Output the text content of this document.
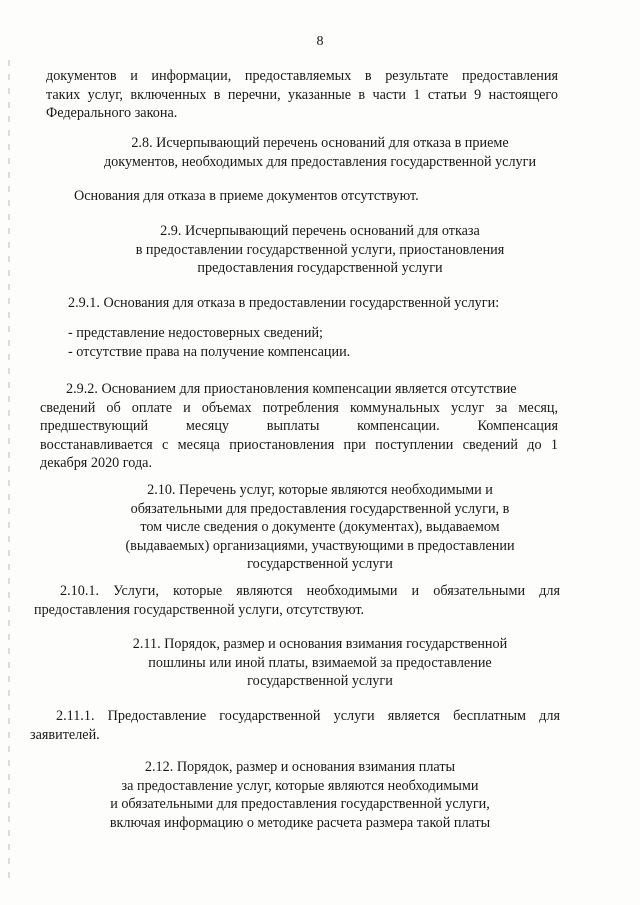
8
документов и информации, предоставляемых в результате предоставления
таких услуг, включенных в перечни, указанные в части 1 статьи 9 настоящего
Федерального закона.
2.8. Исчерпывающий перечень оснований для отказа в приеме
документов, необходимых для предоставления государственной услуги
Основания для отказа в приеме документов отсутствуют.
2.9. Исчерпывающий перечень оснований для отказа
в предоставлении государственной услуги, приостановления
предоставления государственной услуги
2.9.1. Основания для отказа в предоставлении государственной услуги:
- представление недостоверных сведений;
- отсутствие права на получение компенсации.
2.9.2. Основанием для приостановления компенсации является отсутствие
сведений об оплате и объемах потребления коммунальных услуг за месяц,
предшествующий месяцу выплаты компенсации. Компенсация
восстанавливается с месяца приостановления при поступлении сведений до 1
декабря 2020 года.
2.10. Перечень услуг, которые являются необходимыми и
обязательными для предоставления государственной услуги, в
том числе сведения о документе (документах), выдаваемом
(выдаваемых) организациями, участвующими в предоставлении
государственной услуги
2.10.1. Услуги, которые являются необходимыми и обязательными для
предоставления государственной услуги, отсутствуют.
2.11. Порядок, размер и основания взимания государственной
пошлины или иной платы, взимаемой за предоставление
государственной услуги
2.11.1. Предоставление государственной услуги является бесплатным для
заявителей.
2.12. Порядок, размер и основания взимания платы
за предоставление услуг, которые являются необходимыми
и обязательными для предоставления государственной услуги,
включая информацию о методике расчета размера такой платы
